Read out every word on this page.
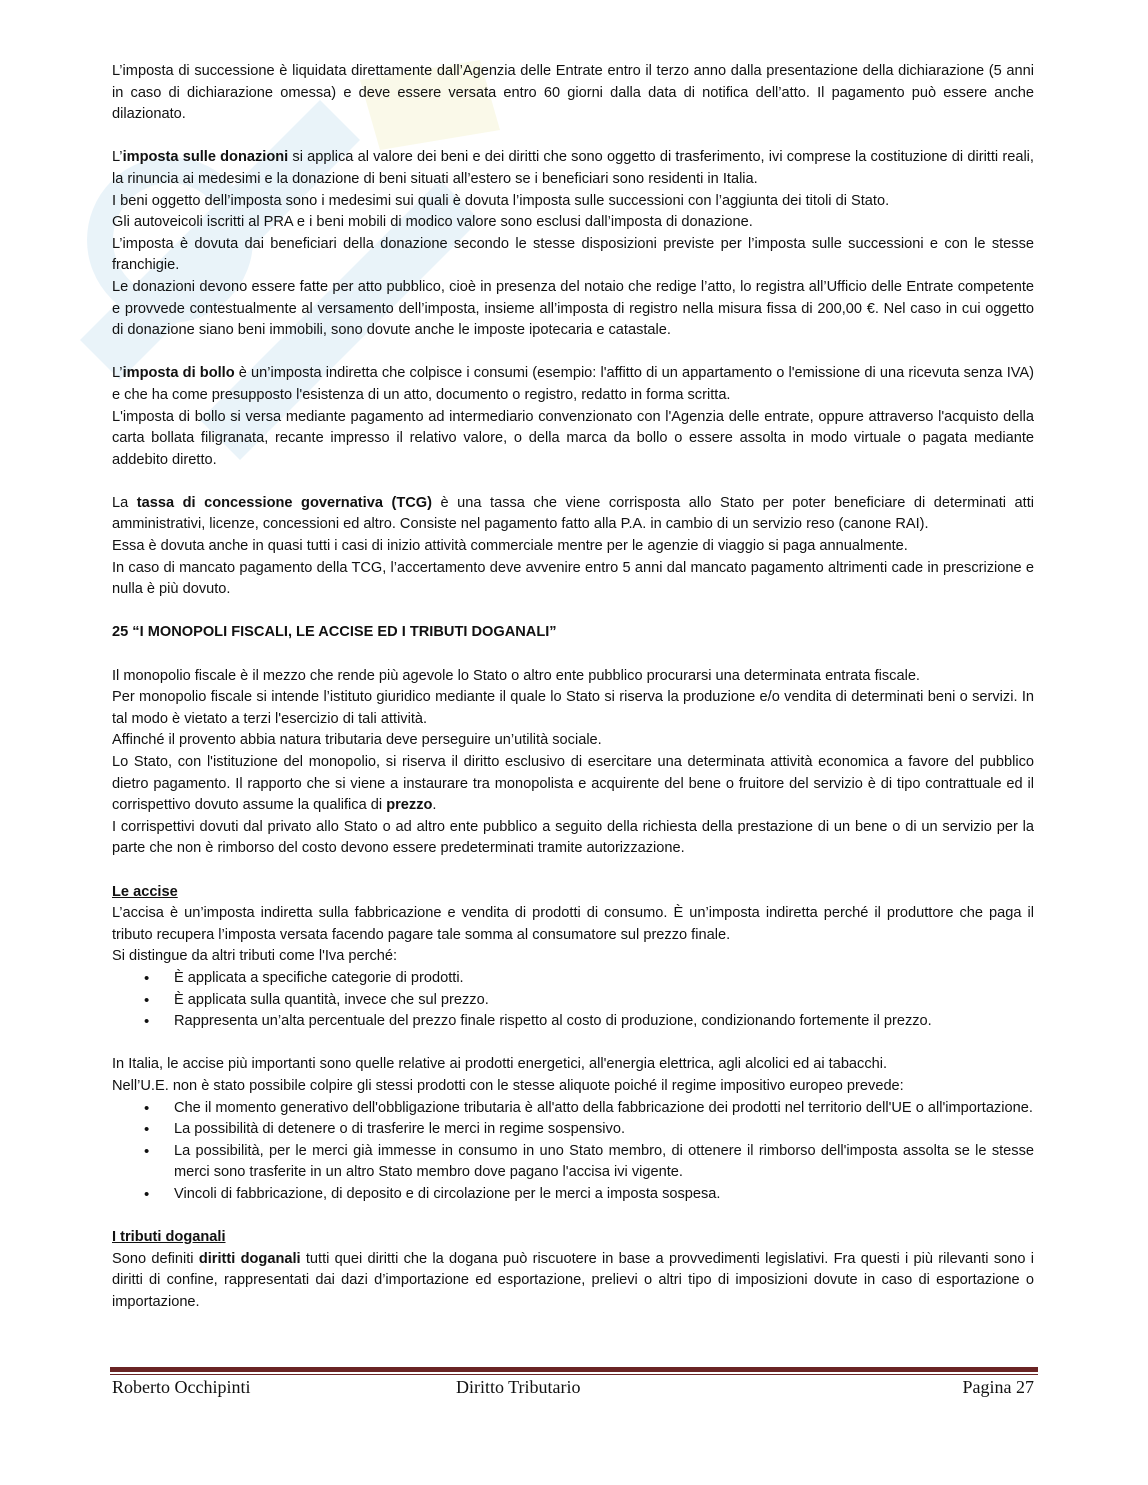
L’imposta di successione è liquidata direttamente dall’Agenzia delle Entrate entro il terzo anno dalla presentazione della dichiarazione (5 anni in caso di dichiarazione omessa) e deve essere versata entro 60 giorni dalla data di notifica dell’atto. Il pagamento può essere anche dilazionato.

L’imposta sulle donazioni si applica al valore dei beni e dei diritti che sono oggetto di trasferimento, ivi comprese la costituzione di diritti reali, la rinuncia ai medesimi e la donazione di beni situati all’estero se i beneficiari sono residenti in Italia.

I beni oggetto dell’imposta sono i medesimi sui quali è dovuta l’imposta sulle successioni con l’aggiunta dei titoli di Stato.

Gli autoveicoli iscritti al PRA e i beni mobili di modico valore sono esclusi dall’imposta di donazione.

L’imposta è dovuta dai beneficiari della donazione secondo le stesse disposizioni previste per l’imposta sulle successioni e con le stesse franchigie.

Le donazioni devono essere fatte per atto pubblico, cioè in presenza del notaio che redige l’atto, lo registra all’Ufficio delle Entrate competente e provvede contestualmente al versamento dell’imposta, insieme all’imposta di registro nella misura fissa di 200,00 €. Nel caso in cui oggetto di donazione siano beni immobili, sono dovute anche le imposte ipotecaria e catastale.

L’imposta di bollo è un’imposta indiretta che colpisce i consumi (esempio: l'affitto di un appartamento o l'emissione di una ricevuta senza IVA) e che ha come presupposto l'esistenza di un atto, documento o registro, redatto in forma scritta.

L'imposta di bollo si versa mediante pagamento ad intermediario convenzionato con l'Agenzia delle entrate, oppure attraverso l'acquisto della carta bollata filigranata, recante impresso il relativo valore, o della marca da bollo o essere assolta in modo virtuale o pagata mediante addebito diretto.

La tassa di concessione governativa (TCG) è una tassa che viene corrisposta allo Stato per poter beneficiare di determinati atti amministrativi, licenze, concessioni ed altro. Consiste nel pagamento fatto alla P.A. in cambio di un servizio reso (canone RAI).

Essa è dovuta anche in quasi tutti i casi di inizio attività commerciale mentre per le agenzie di viaggio si paga annualmente.

In caso di mancato pagamento della TCG, l’accertamento deve avvenire entro 5 anni dal mancato pagamento altrimenti cade in prescrizione e nulla è più dovuto.

25 “I MONOPOLI FISCALI, LE ACCISE ED I TRIBUTI DOGANALI”

Il monopolio fiscale è il mezzo che rende più agevole lo Stato o altro ente pubblico procurarsi una determinata entrata fiscale.

Per monopolio fiscale si intende l’istituto giuridico mediante il quale lo Stato si riserva la produzione e/o vendita di determinati beni o servizi. In tal modo è vietato a terzi l'esercizio di tali attività.

Affinché il provento abbia natura tributaria deve perseguire un’utilità sociale.

Lo Stato, con l'istituzione del monopolio, si riserva il diritto esclusivo di esercitare una determinata attività economica a favore del pubblico dietro pagamento. Il rapporto che si viene a instaurare tra monopolista e acquirente del bene o fruitore del servizio è di tipo contrattuale ed il corrispettivo dovuto assume la qualifica di prezzo.

I corrispettivi dovuti dal privato allo Stato o ad altro ente pubblico a seguito della richiesta della prestazione di un bene o di un servizio per la parte che non è rimborso del costo devono essere predeterminati tramite autorizzazione.

Le accise

L’accisa è un’imposta indiretta sulla fabbricazione e vendita di prodotti di consumo. È un’imposta indiretta perché il produttore che paga il tributo recupera l’imposta versata facendo pagare tale somma al consumatore sul prezzo finale.

Si distingue da altri tributi come l'Iva perché:

• È applicata a specifiche categorie di prodotti.
• È applicata sulla quantità, invece che sul prezzo.
• Rappresenta un’alta percentuale del prezzo finale rispetto al costo di produzione, condizionando fortemente il prezzo.

In Italia, le accise più importanti sono quelle relative ai prodotti energetici, all'energia elettrica, agli alcolici ed ai tabacchi.

Nell’U.E. non è stato possibile colpire gli stessi prodotti con le stesse aliquote poiché il regime impositivo europeo prevede:

• Che il momento generativo dell'obbligazione tributaria è all'atto della fabbricazione dei prodotti nel territorio dell'UE o all'importazione.
• La possibilità di detenere o di trasferire le merci in regime sospensivo.
• La possibilità, per le merci già immesse in consumo in uno Stato membro, di ottenere il rimborso dell'imposta assolta se le stesse merci sono trasferite in un altro Stato membro dove pagano l'accisa ivi vigente.
• Vincoli di fabbricazione, di deposito e di circolazione per le merci a imposta sospesa.

I tributi doganali

Sono definiti diritti doganali tutti quei diritti che la dogana può riscuotere in base a provvedimenti legislativi. Fra questi i più rilevanti sono i diritti di confine, rappresentati dai dazi d’importazione ed esportazione, prelievi o altri tipo di imposizioni dovute in caso di esportazione o importazione.

Roberto Occhipinti	Diritto Tributario	Pagina 27
